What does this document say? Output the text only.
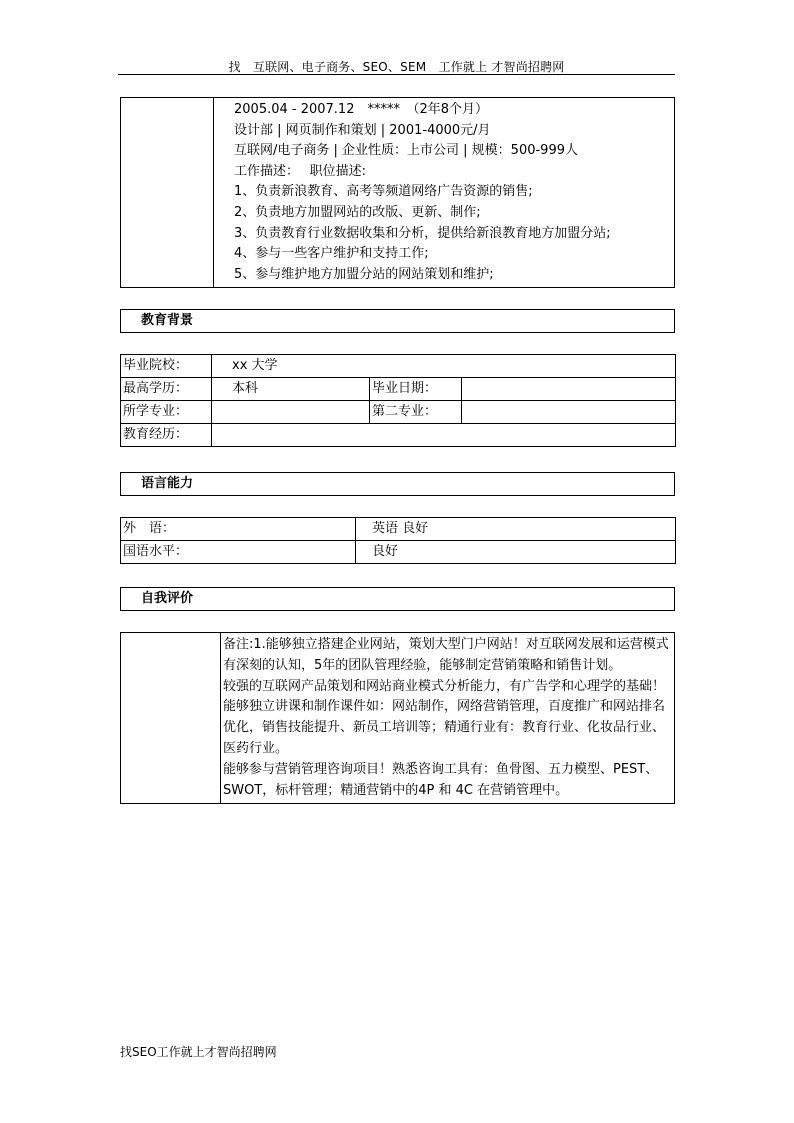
找　互联网、电子商务、SEO、SEM　工作就上 才智尚招聘网

2005.04 - 2007.12　*****　（2年8个月）
设计部 | 网页制作和策划 | 2001-4000元/月
互联网/电子商务 | 企业性质：上市公司 | 规模：500-999人
工作描述：　 职位描述:
1、负责新浪教育、高考等频道网络广告资源的销售;
2、负责地方加盟网站的改版、更新、制作;
3、负责教育行业数据收集和分析，提供给新浪教育地方加盟分站;
4、参与一些客户维护和支持工作;
5、参与维护地方加盟分站的网站策划和维护;
教育背景
毕业院校：	xx 大学		
最高学历：	本科	毕业日期：	
所学专业：		第二专业：	
教育经历：			
语言能力
外　语：	英语 良好
国语水平：	良好
自我评价

备注:1.能够独立搭建企业网站，策划大型门户网站！对互联网发展和运营模式有深刻的认知，5年的团队管理经验，能够制定营销策略和销售计划。

较强的互联网产品策划和网站商业模式分析能力，有广告学和心理学的基础！

能够独立讲课和制作课件如：网站制作，网络营销管理，百度推广和网站排名优化，销售技能提升、新员工培训等；精通行业有：教育行业、化妆品行业、医药行业。

能够参与营销管理咨询项目！熟悉咨询工具有：鱼骨图、五力模型、PEST、SWOT，标杆管理；精通营销中的4P 和 4C 在营销管理中。

找SEO工作就上才智尚招聘网
